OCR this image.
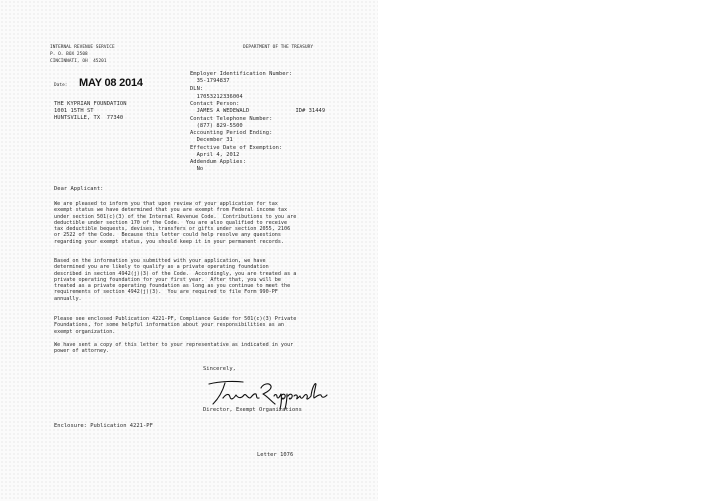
INTERNAL REVENUE SERVICE
P. O. BOX 2508
CINCINNATI, OH  45201
DEPARTMENT OF THE TREASURY
Date: MAY 08 2014
THE KYPRIAN FOUNDATION
1001 15TH ST
HUNTSVILLE, TX  77340
Employer Identification Number:
35-1794837
DLN:
17053212336004
Contact Person:
JAMES A WEDEWALD              ID# 31449
Contact Telephone Number:
(877) 829-5500
Accounting Period Ending:
December 31
Effective Date of Exemption:
April 4, 2012
Addendum Applies:
No
Dear Applicant:
We are pleased to inform you that upon review of your application for tax
exempt status we have determined that you are exempt from Federal income tax
under section 501(c)(3) of the Internal Revenue Code.  Contributions to you are
deductible under section 170 of the Code.  You are also qualified to receive
tax deductible bequests, devises, transfers or gifts under section 2055, 2106
or 2522 of the Code.  Because this letter could help resolve any questions
regarding your exempt status, you should keep it in your permanent records.
Based on the information you submitted with your application, we have
determined you are likely to qualify as a private operating foundation
described in section 4942(j)(3) of the Code.  Accordingly, you are treated as a
private operating foundation for your first year.  After that, you will be
treated as a private operating foundation as long as you continue to meet the
requirements of section 4942(j)(3).  You are required to file Form 990-PF
annually.
Please see enclosed Publication 4221-PF, Compliance Guide for 501(c)(3) Private
Foundations, for some helpful information about your responsibilities as an
exempt organization.
We have sent a copy of this letter to your representative as indicated in your
power of attorney.
Sincerely,
Director, Exempt Organizations
Enclosure: Publication 4221-PF
Letter 1076
